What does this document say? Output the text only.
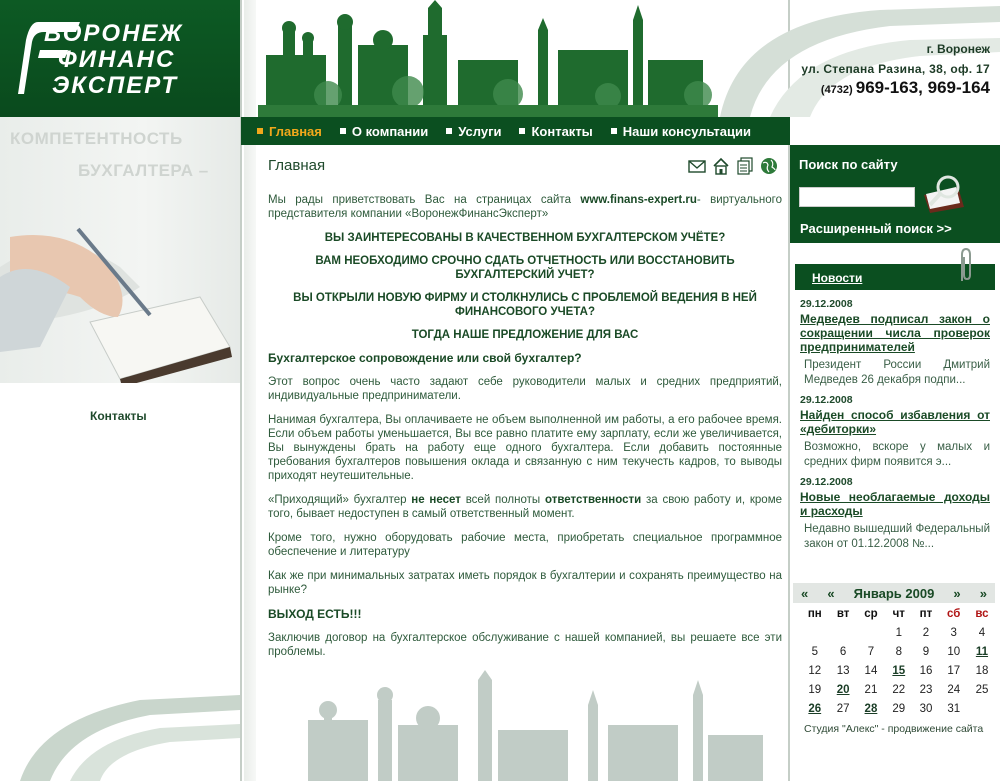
ВОРОНЕЖ
ФИНАНС
ЭКСПЕРТ
КОМПЕТЕНТНОСТЬ
БУХГАЛТЕРА –
Контакты
г. Воронеж
ул. Степана Разина, 38, оф. 17
(4732) 969-163, 969-164
Главная О компании Услуги Контакты Наши консультации
Главная

Мы рады приветствовать Вас на страницах сайта www.finans-expert.ru- виртуального представителя компании «ВоронежФинансЭксперт»

ВЫ ЗАИНТЕРЕСОВАНЫ В КАЧЕСТВЕННОМ БУХГАЛТЕРСКОМ УЧЁТЕ?
ВАМ НЕОБХОДИМО СРОЧНО СДАТЬ ОТЧЕТНОСТЬ ИЛИ ВОССТАНОВИТЬ БУХГАЛТЕРСКИЙ УЧЕТ?
ВЫ ОТКРЫЛИ НОВУЮ ФИРМУ И СТОЛКНУЛИСЬ С ПРОБЛЕМОЙ ВЕДЕНИЯ В НЕЙ ФИНАНСОВОГО УЧЕТА?
ТОГДА НАШЕ ПРЕДЛОЖЕНИЕ ДЛЯ ВАС
Бухгалтерское сопровождение или свой бухгалтер?

Этот вопрос очень часто задают себе руководители малых и средних предприятий, индивидуальные предприниматели.

Нанимая бухгалтера, Вы оплачиваете не объем выполненной им работы, а его рабочее время. Если объем работы уменьшается, Вы все равно платите ему зарплату, если же увеличивается, Вы вынуждены брать на работу еще одного бухгалтера. Если добавить постоянные требования бухгалтеров повышения оклада и связанную с ним текучесть кадров, то выводы приходят неутешительные.

«Приходящий» бухгалтер не несет всей полноты ответственности за свою работу и, кроме того, бывает недоступен в самый ответственный момент.

Кроме того, нужно оборудовать рабочие места, приобретать специальное программное обеспечение и литературу

Как же при минимальных затратах иметь порядок в бухгалтерии и сохранять преимущество на рынке?

ВЫХОД ЕСТЬ!!!

Заключив договор на бухгалтерское обслуживание с нашей компанией, вы решаете все эти проблемы.

Поиск по сайту
Расширенный поиск >>
Новости
29.12.2008
Медведев подписал закон о сокращении числа проверок предпринимателей
Президент России Дмитрий Медведев 26 декабря подпи...
29.12.2008
Найден способ избавления от «дебиторки»
Возможно, вскоре у малых и средних фирм появится э...
29.12.2008
Новые необлагаемые доходы и расходы
Недавно вышедший Федеральный закон от 01.12.2008 №...
« « Январь 2009 » »
пн	вт	ср	чт	пт	сб	вс
			1	2	3	4
5	6	7	8	9	10	11
12	13	14	15	16	17	18
19	20	21	22	23	24	25
26	27	28	29	30	31	
Студия "Алекс" - продвижение сайта
